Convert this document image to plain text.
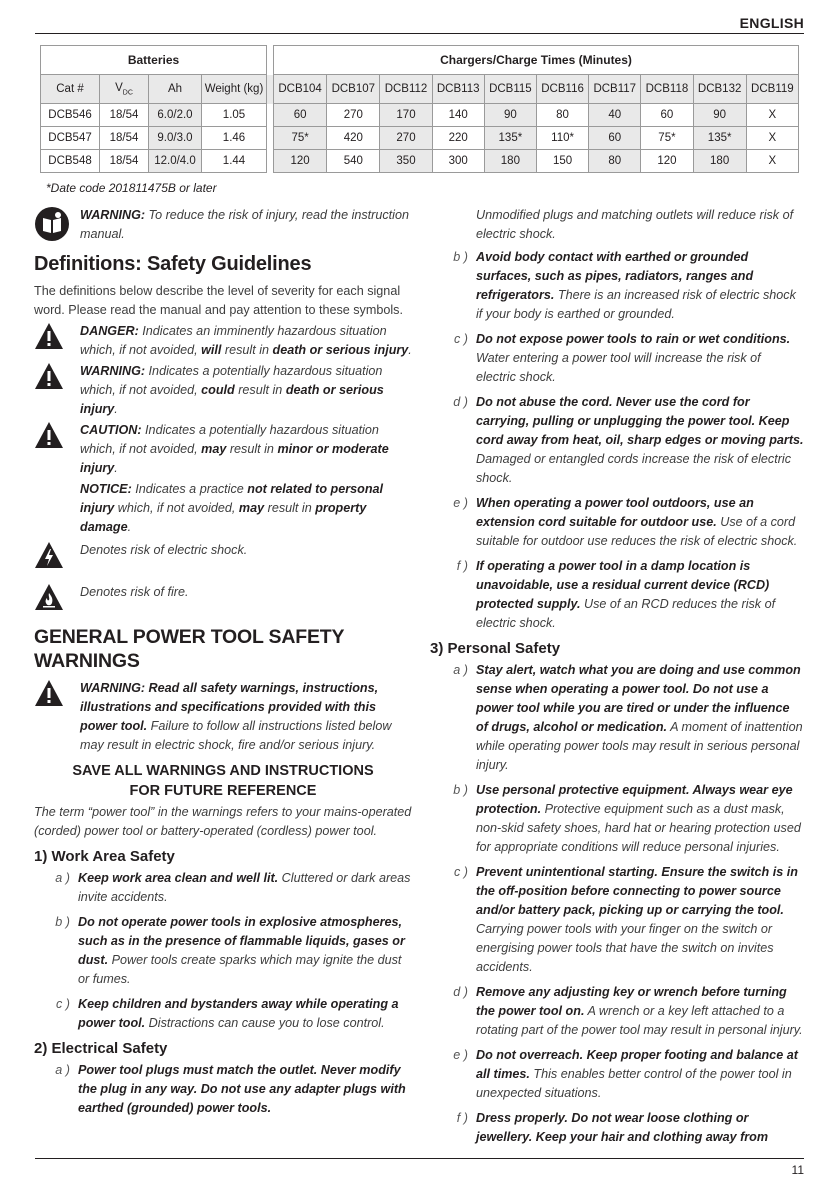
ENGLISH
Batteries					Chargers/Charge Times (Minutes)									
Cat #	$V_{DC}$	Ah	Weight (kg)		DCB104	DCB107	DCB112	DCB113	DCB115	DCB116	DCB117	DCB118	DCB132	DCB119
DCB546	18/54	6.0/2.0	1.05		60	270	170	140	90	80	40	60	90	X
DCB547	18/54	9.0/3.0	1.46		75*	420	270	220	135*	110*	60	75*	135*	X
DCB548	18/54	12.0/4.0	1.44		120	540	350	300	180	150	80	120	180	X
*Date code 201811475B or later
WARNING: To reduce the risk of injury, read the instruction manual.
Definitions: Safety Guidelines

The definitions below describe the level of severity for each signal word. Please read the manual and pay attention to these symbols.

DANGER: Indicates an imminently hazardous situation which, if not avoided, will result in death or serious injury.
WARNING: Indicates a potentially hazardous situation which, if not avoided, could result in death or serious injury.
CAUTION: Indicates a potentially hazardous situation which, if not avoided, may result in minor or moderate injury.
NOTICE: Indicates a practice not related to personal injury which, if not avoided, may result in property damage.
Denotes risk of electric shock.
Denotes risk of fire.
GENERAL POWER TOOL SAFETY WARNINGS
WARNING: Read all safety warnings, instructions, illustrations and specifications provided with this power tool. Failure to follow all instructions listed below may result in electric shock, fire and/or serious injury.
SAVE ALL WARNINGS AND INSTRUCTIONS
FOR FUTURE REFERENCE

The term “power tool” in the warnings refers to your mains-operated (corded) power tool or battery-operated (cordless) power tool.

1) Work Area Safety
a ) Keep work area clean and well lit. Cluttered or dark areas invite accidents.
b ) Do not operate power tools in explosive atmospheres, such as in the presence of flammable liquids, gases or dust. Power tools create sparks which may ignite the dust or fumes.
c ) Keep children and bystanders away while operating a power tool. Distractions can cause you to lose control.
2) Electrical Safety
a ) Power tool plugs must match the outlet. Never modify the plug in any way. Do not use any adapter plugs with earthed (grounded) power tools.
Unmodified plugs and matching outlets will reduce risk of electric shock.
b ) Avoid body contact with earthed or grounded surfaces, such as pipes, radiators, ranges and refrigerators. There is an increased risk of electric shock if your body is earthed or grounded.
c ) Do not expose power tools to rain or wet conditions. Water entering a power tool will increase the risk of electric shock.
d ) Do not abuse the cord. Never use the cord for carrying, pulling or unplugging the power tool. Keep cord away from heat, oil, sharp edges or moving parts. Damaged or entangled cords increase the risk of electric shock.
e ) When operating a power tool outdoors, use an extension cord suitable for outdoor use. Use of a cord suitable for outdoor use reduces the risk of electric shock.
f ) If operating a power tool in a damp location is unavoidable, use a residual current device (RCD) protected supply. Use of an RCD reduces the risk of electric shock.
3) Personal Safety
a ) Stay alert, watch what you are doing and use common sense when operating a power tool. Do not use a power tool while you are tired or under the influence of drugs, alcohol or medication. A moment of inattention while operating power tools may result in serious personal injury.
b ) Use personal protective equipment. Always wear eye protection. Protective equipment such as a dust mask, non-skid safety shoes, hard hat or hearing protection used for appropriate conditions will reduce personal injuries.
c ) Prevent unintentional starting. Ensure the switch is in the off-position before connecting to power source and/or battery pack, picking up or carrying the tool. Carrying power tools with your finger on the switch or energising power tools that have the switch on invites accidents.
d ) Remove any adjusting key or wrench before turning the power tool on. A wrench or a key left attached to a rotating part of the power tool may result in personal injury.
e ) Do not overreach. Keep proper footing and balance at all times. This enables better control of the power tool in unexpected situations.
f ) Dress properly. Do not wear loose clothing or jewellery. Keep your hair and clothing away from
11
